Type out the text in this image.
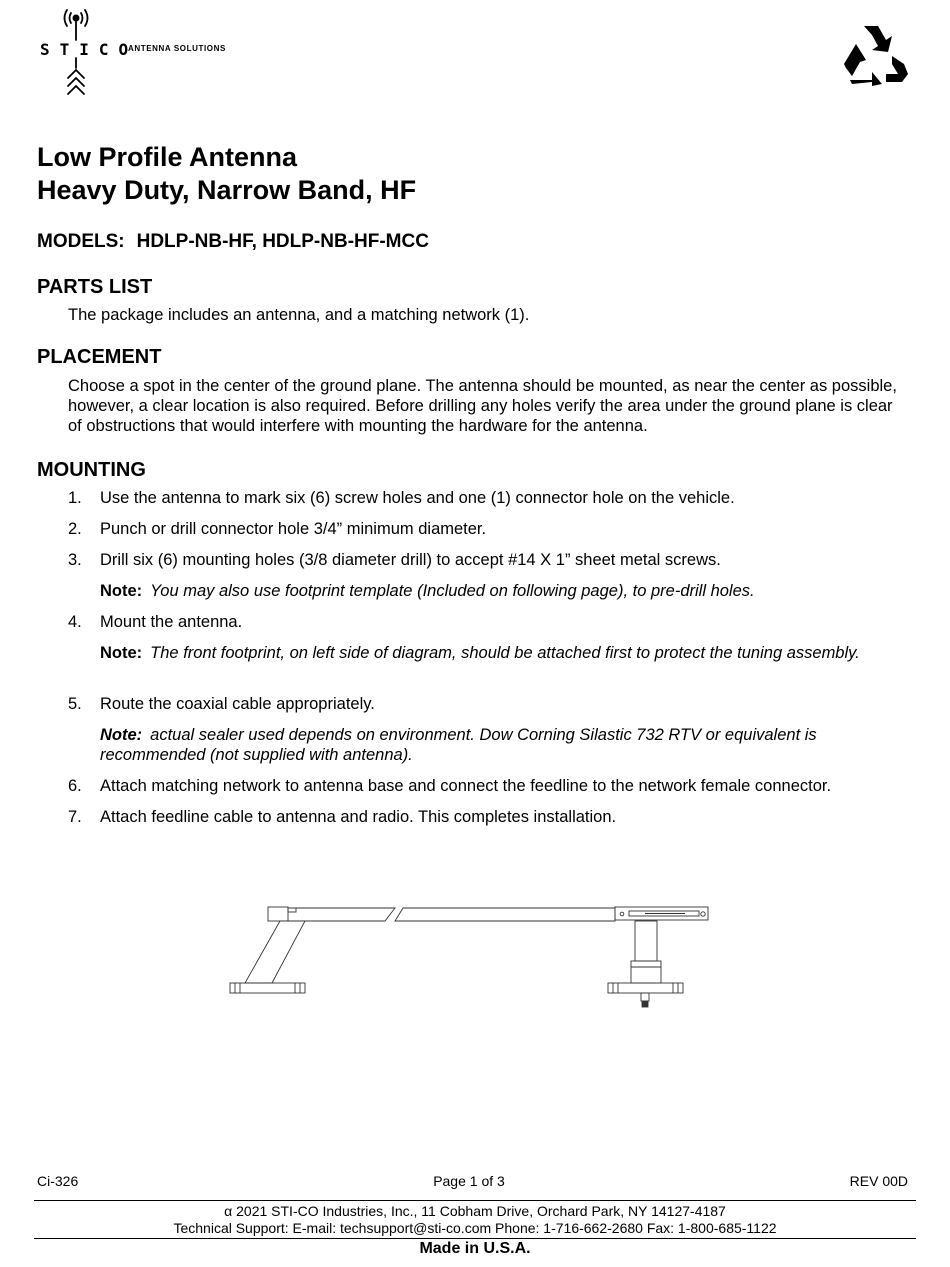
STICO
ANTENNA SOLUTIONS
Low Profile Antenna
Heavy Duty, Narrow Band, HF
MODELS: HDLP-NB-HF, HDLP-NB-HF-MCC
PARTS LIST
The package includes an antenna, and a matching network (1).
PLACEMENT
Choose a spot in the center of the ground plane. The antenna should be mounted, as near the center as possible, however, a clear location is also required. Before drilling any holes verify the area under the ground plane is clear of obstructions that would interfere with mounting the hardware for the antenna.
MOUNTING
1.	Use the antenna to mark six (6) screw holes and one (1) connector hole on the vehicle.
2.	Punch or drill connector hole 3/4” minimum diameter.
3.	Drill six (6) mounting holes (3/8 diameter drill) to accept #14 X 1” sheet metal screws.
Note: You may also use footprint template (Included on following page), to pre-drill holes.
4.	Mount the antenna.
Note: The front footprint, on left side of diagram, should be attached first to protect the tuning assembly.
5.	Route the coaxial cable appropriately.
Note: actual sealer used depends on environment. Dow Corning Silastic 732 RTV or equivalent is recommended (not supplied with antenna).
6.	Attach matching network to antenna base and connect the feedline to the network female connector.
7.	Attach feedline cable to antenna and radio. This completes installation.
Ci-326	Page 1 of 3	REV 00D
α 2021 STI-CO Industries, Inc., 11 Cobham Drive, Orchard Park, NY 14127-4187
Technical Support: E-mail: techsupport@sti-co.com Phone: 1-716-662-2680 Fax: 1-800-685-1122
Made in U.S.A.
